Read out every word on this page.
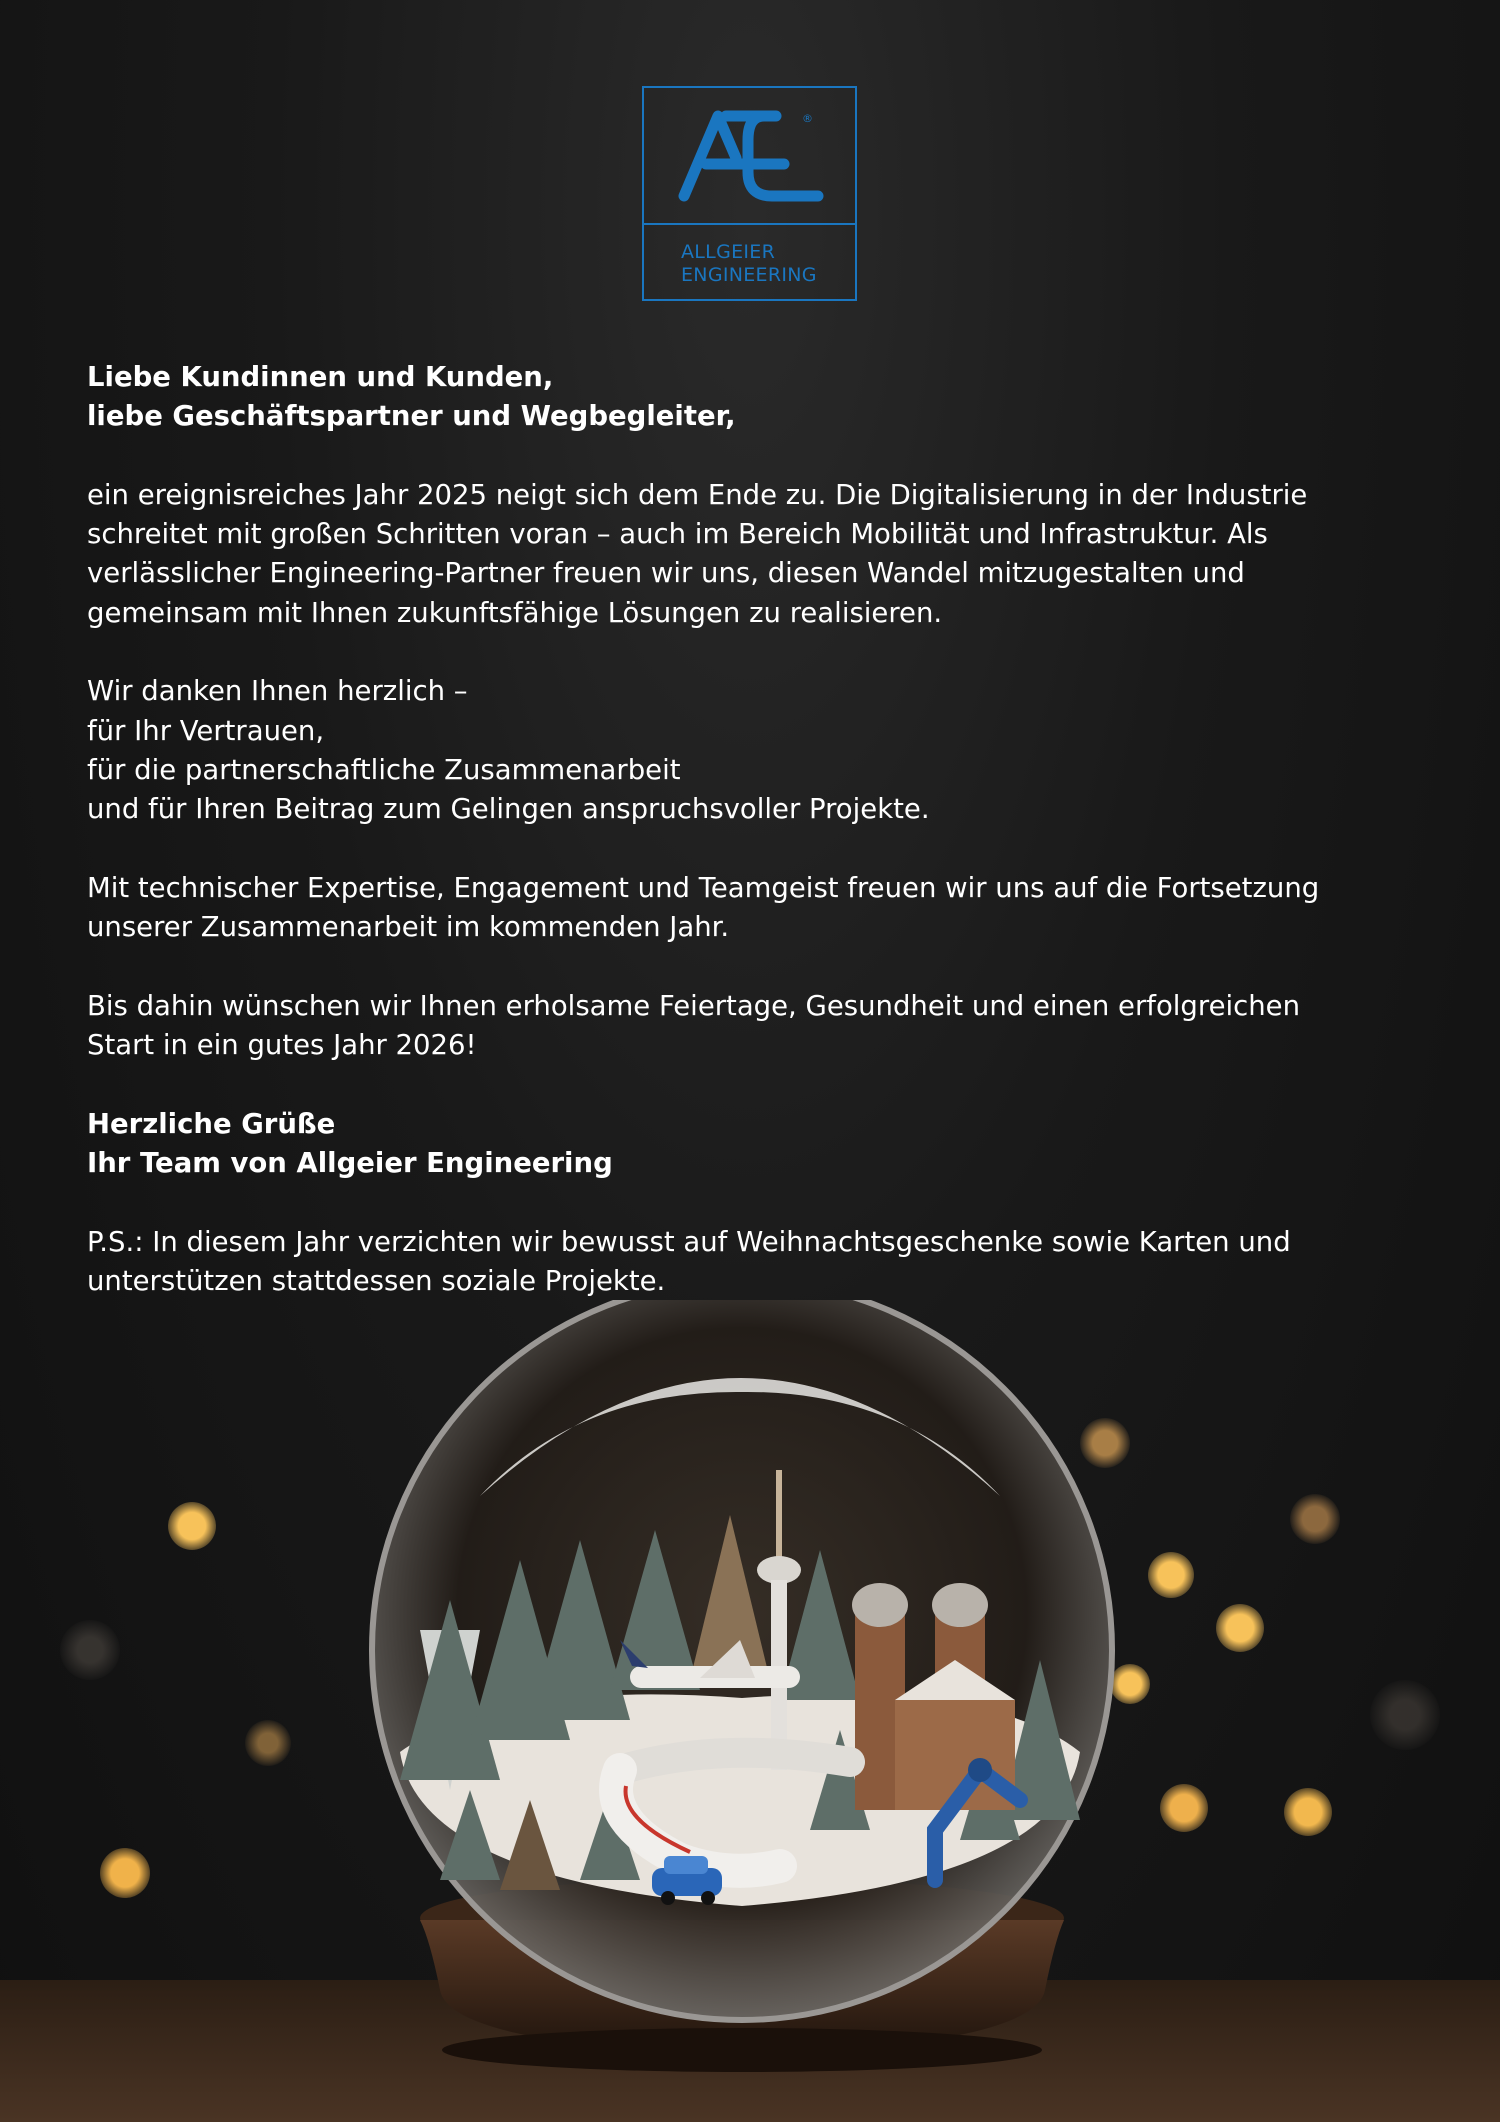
®
ALLGEIER
ENGINEERING
Liebe Kundinnen und Kunden,
liebe Geschäftspartner und Wegbegleiter,
ein ereignisreiches Jahr 2025 neigt sich dem Ende zu. Die Digitalisierung in der Industrie
schreitet mit großen Schritten voran – auch im Bereich Mobilität und Infrastruktur. Als
verlässlicher Engineering-Partner freuen wir uns, diesen Wandel mitzugestalten und
gemeinsam mit Ihnen zukunftsfähige Lösungen zu realisieren.
Wir danken Ihnen herzlich –
für Ihr Vertrauen,
für die partnerschaftliche Zusammenarbeit
und für Ihren Beitrag zum Gelingen anspruchsvoller Projekte.
Mit technischer Expertise, Engagement und Teamgeist freuen wir uns auf die Fortsetzung
unserer Zusammenarbeit im kommenden Jahr.
Bis dahin wünschen wir Ihnen erholsame Feiertage, Gesundheit und einen erfolgreichen
Start in ein gutes Jahr 2026!
Herzliche Grüße
Ihr Team von Allgeier Engineering
P.S.: In diesem Jahr verzichten wir bewusst auf Weihnachtsgeschenke sowie Karten und
unterstützen stattdessen soziale Projekte.
